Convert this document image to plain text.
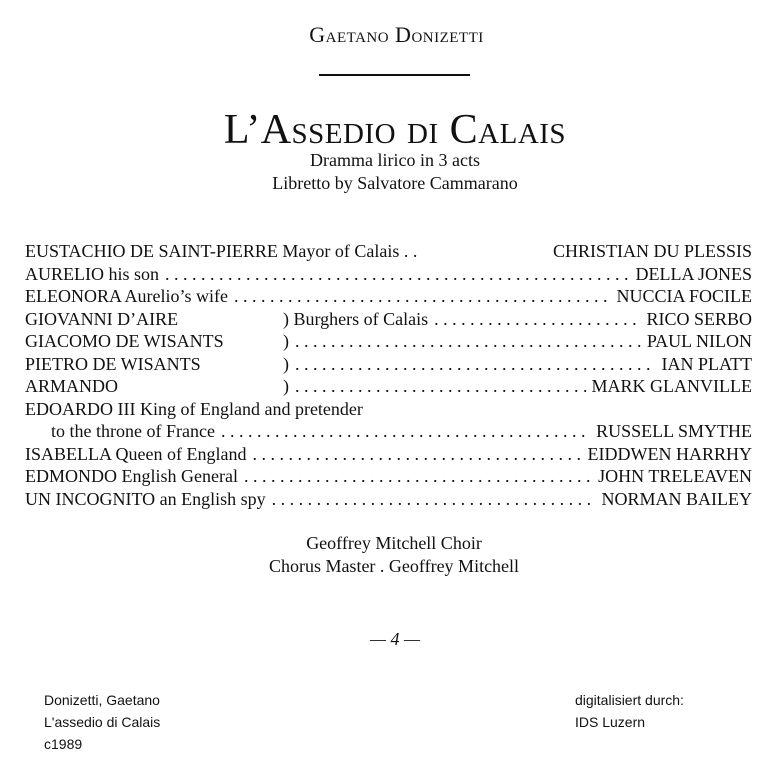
Gaetano Donizetti
L’Assedio di Calais
Dramma lirico in 3 acts
Libretto by Salvatore Cammarano
EUSTACHIO DE SAINT-PIERRE Mayor of Calais . .	CHRISTIAN DU PLESSIS
AURELIO his son . . .	DELLA JONES
ELEONORA Aurelio’s wife . . .	NUCCIA FOCILE
GIOVANNI D’AIRE	) Burghers of Calais . . .	RICO SERBO
GIACOMO DE WISANTS	) . . .	PAUL NILON
PIETRO DE WISANTS	) . . .	IAN PLATT
ARMANDO	) . . .	MARK GLANVILLE
EDOARDO III King of England and pretender
to the throne of France . . .	RUSSELL SMYTHE
ISABELLA Queen of England . . .	EIDDWEN HARRHY
EDMONDO English General . . .	JOHN TRELEAVEN
UN INCOGNITO an English spy . . .	NORMAN BAILEY
Geoffrey Mitchell Choir
Chorus Master . Geoffrey Mitchell
— 4 —
Donizetti, Gaetano
L'assedio di Calais
c1989
digitalisiert durch:
IDS Luzern
